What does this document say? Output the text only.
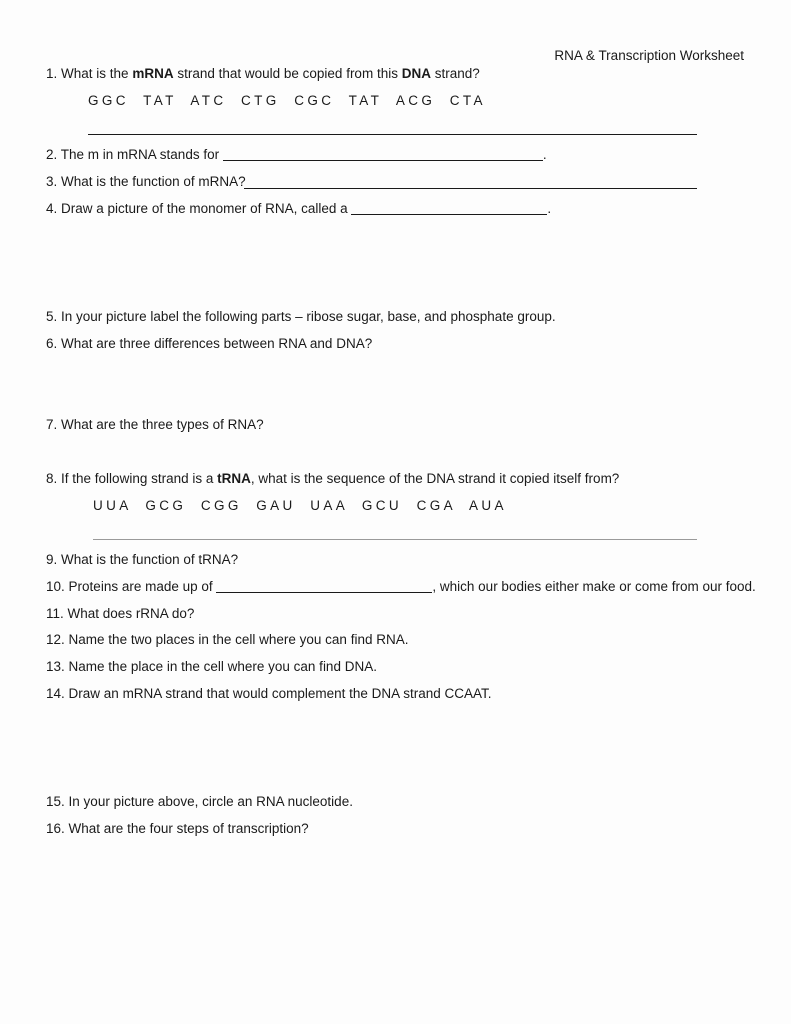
RNA & Transcription Worksheet
1. What is the mRNA strand that would be copied from this DNA strand?
GGC TAT ATC CTG CGC TAT ACG CTA
2. The m in mRNA stands for	.
3. What is the function of mRNA?
4. Draw a picture of the monomer of RNA, called a	.
5. In your picture label the following parts – ribose sugar, base, and phosphate group.
6. What are three differences between RNA and DNA?
7. What are the three types of RNA?
8. If the following strand is a tRNA, what is the sequence of the DNA strand it copied itself from?
UUA GCG CGG GAU UAA GCU CGA AUA
9. What is the function of tRNA?
10. Proteins are made up of	, which our bodies either make or come from our food.
11. What does rRNA do?
12. Name the two places in the cell where you can find RNA.
13. Name the place in the cell where you can find DNA.
14. Draw an mRNA strand that would complement the DNA strand CCAAT.
15. In your picture above, circle an RNA nucleotide.
16. What are the four steps of transcription?
